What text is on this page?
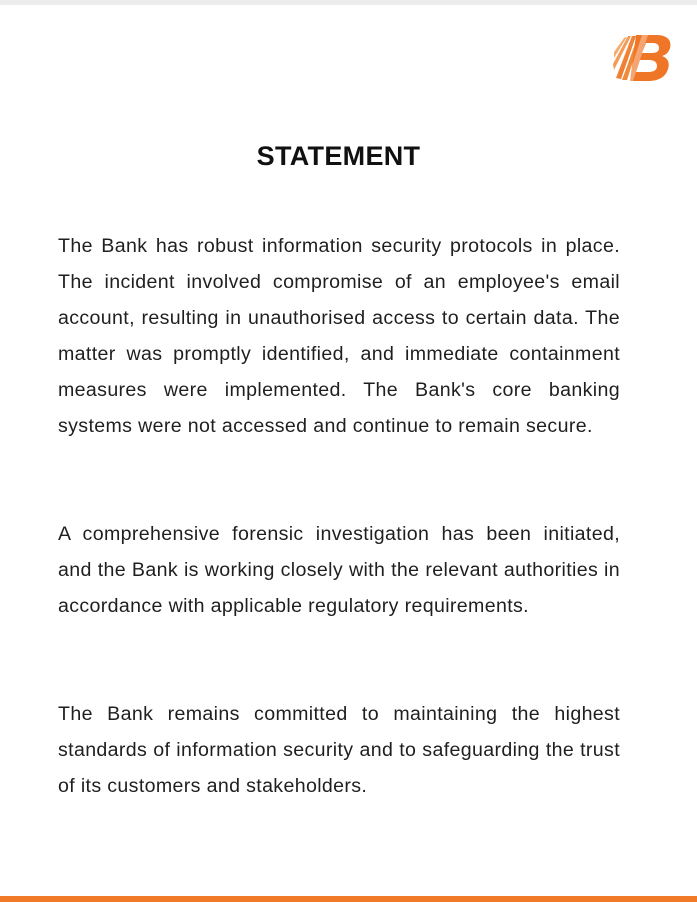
STATEMENT

The Bank has robust information security protocols in place. The incident involved compromise of an employee's email account, resulting in unauthorised access to certain data. The matter was promptly identified, and immediate containment measures were implemented. The Bank's core banking systems were not accessed and continue to remain secure.

A comprehensive forensic investigation has been initiated, and the Bank is working closely with the relevant authorities in accordance with applicable regulatory requirements.

The Bank remains committed to maintaining the highest standards of information security and to safeguarding the trust of its customers and stakeholders.
